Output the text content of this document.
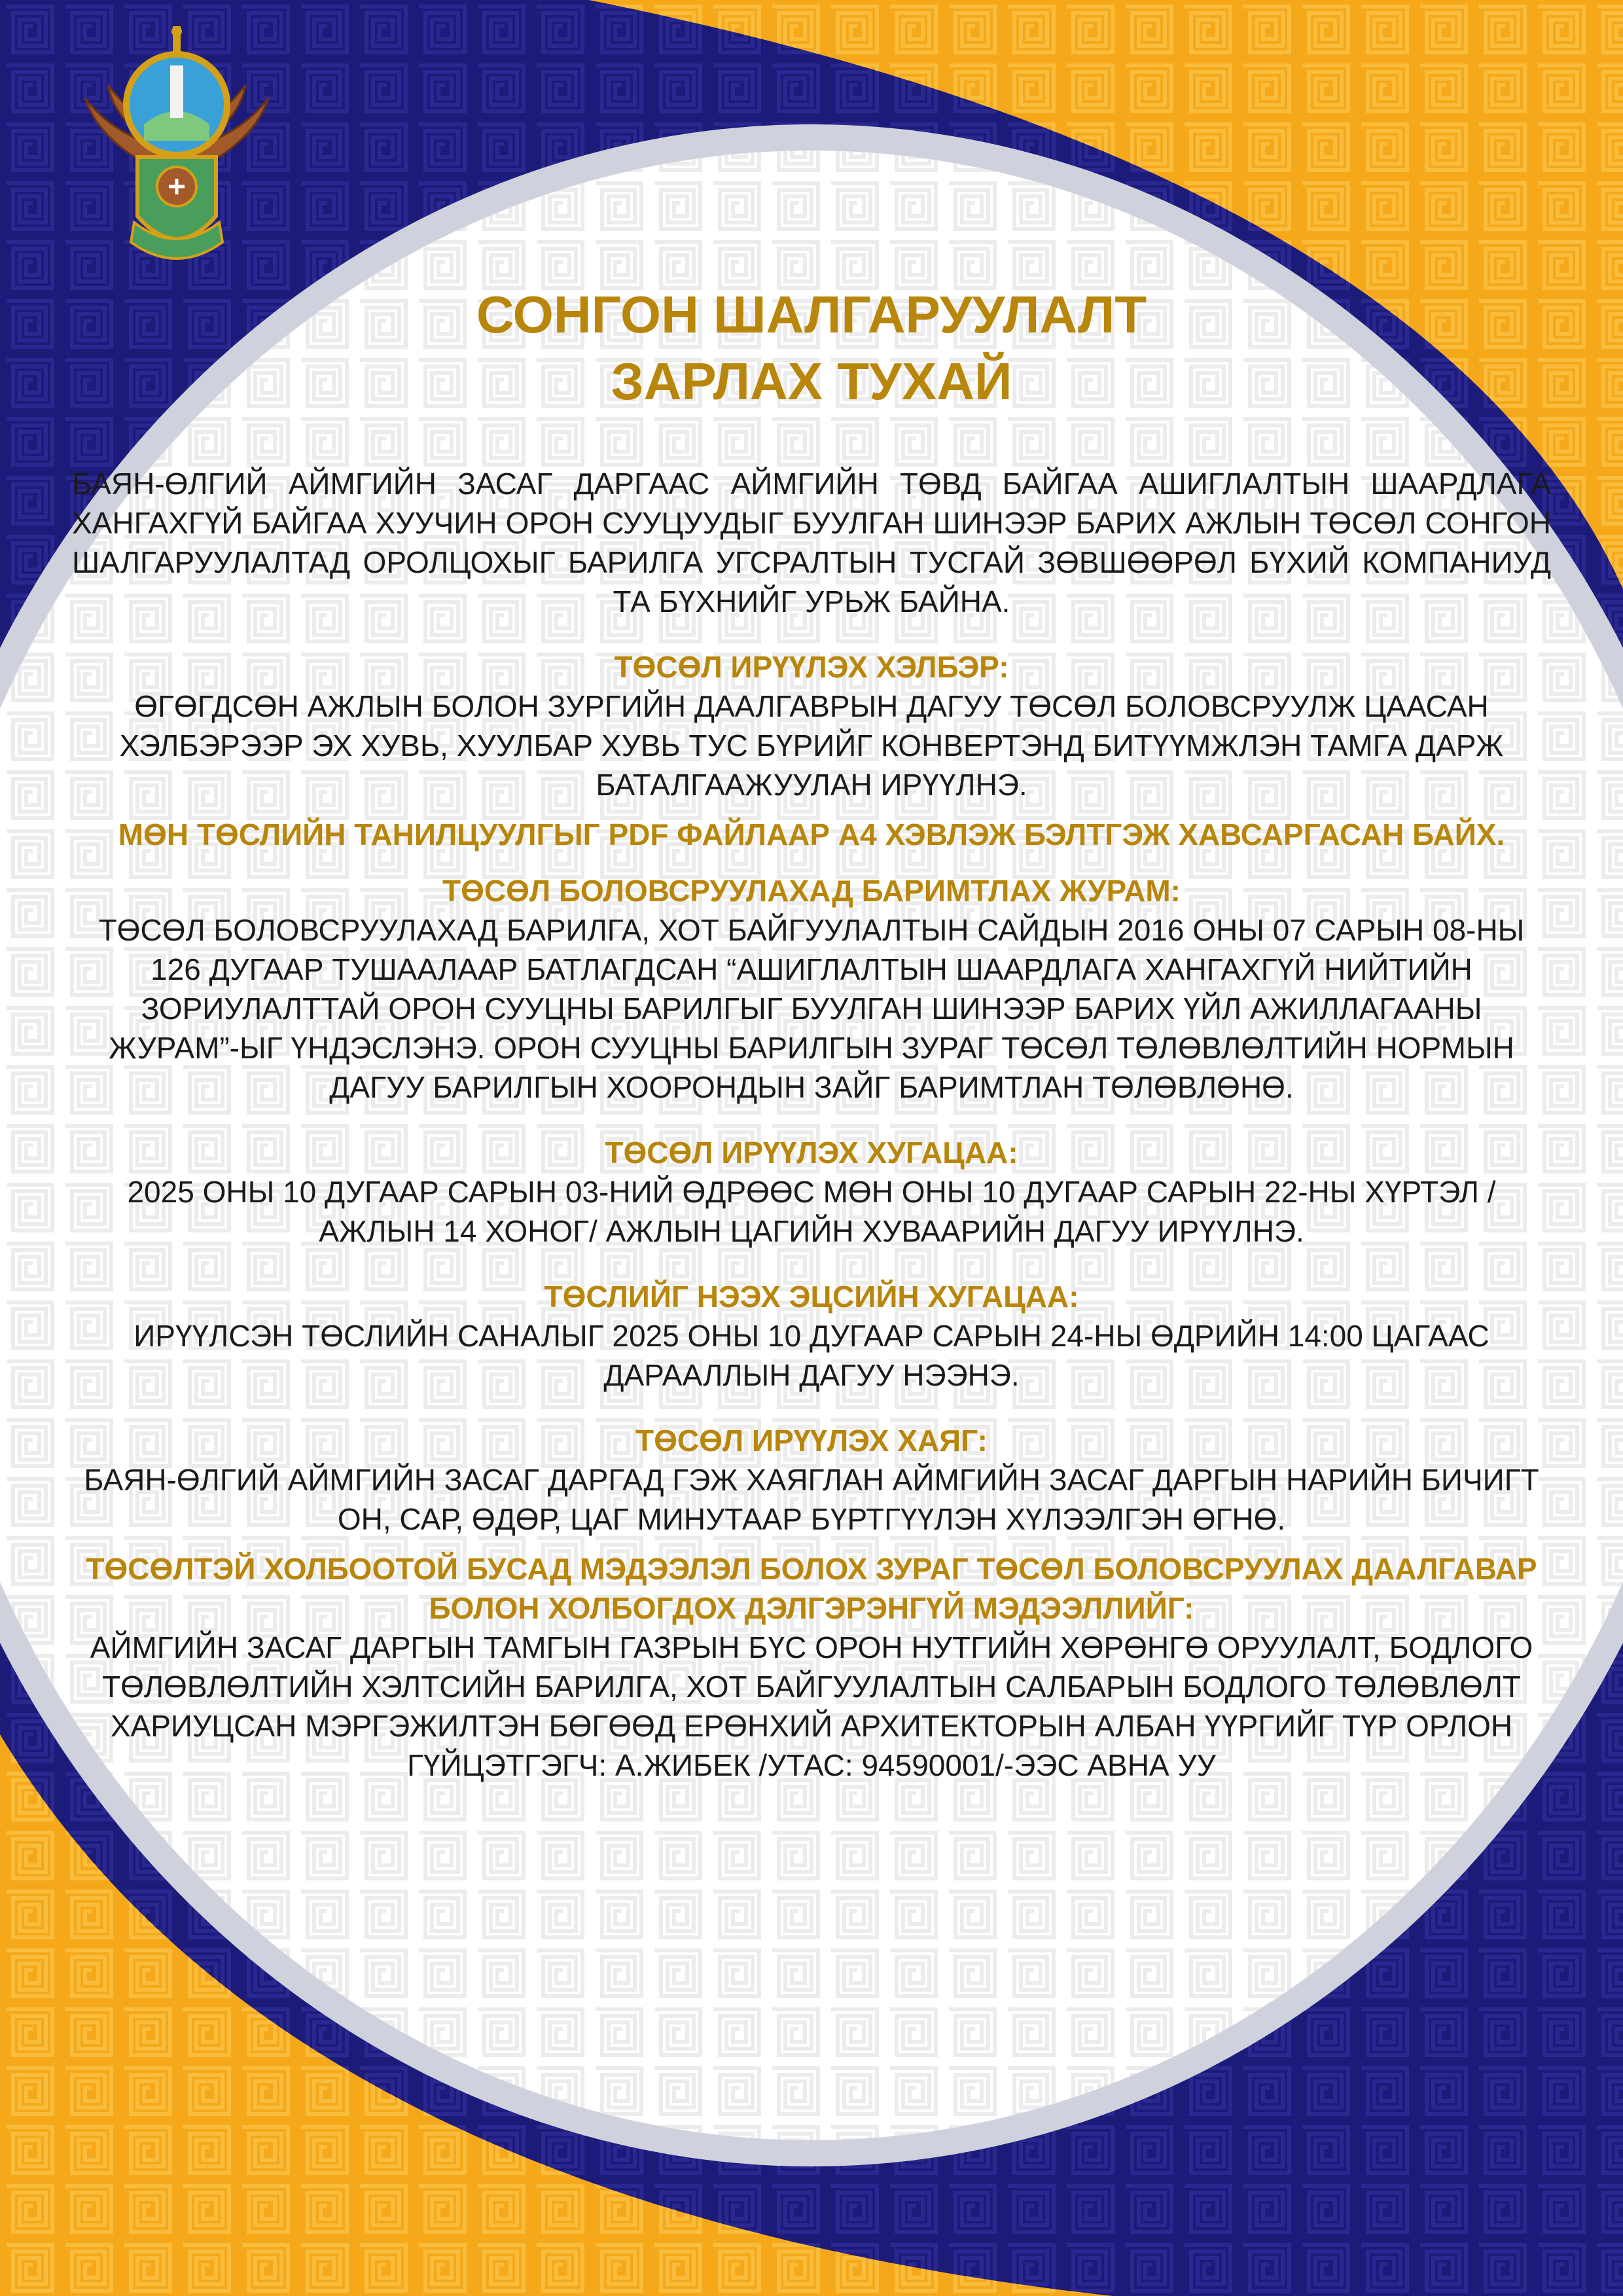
СОНГОН ШАЛГАРУУЛАЛТ
ЗАРЛАХ ТУХАЙ

БАЯН-ӨЛГИЙ АЙМГИЙН ЗАСАГ ДАРГААС АЙМГИЙН ТӨВД БАЙГАА АШИГЛАЛТЫН ШААРДЛАГА ХАНГАХГҮЙ БАЙГАА ХУУЧИН ОРОН СУУЦУУДЫГ БУУЛГАН ШИНЭЭР БАРИХ АЖЛЫН ТӨСӨЛ СОНГОН ШАЛГАРУУЛАЛТАД ОРОЛЦОХЫГ БАРИЛГА УГСРАЛТЫН ТУСГАЙ ЗӨВШӨӨРӨЛ БҮХИЙ КОМПАНИУД ТА БҮХНИЙГ УРЬЖ БАЙНА.

ТӨСӨЛ ИРҮҮЛЭХ ХЭЛБЭР:

ӨГӨГДСӨН АЖЛЫН БОЛОН ЗУРГИЙН ДААЛГАВРЫН ДАГУУ ТӨСӨЛ БОЛОВСРУУЛЖ ЦААСАН ХЭЛБЭРЭЭР ЭХ ХУВЬ, ХУУЛБАР ХУВЬ ТУС БҮРИЙГ КОНВЕРТЭНД БИТҮҮМЖЛЭН ТАМГА ДАРЖ БАТАЛГААЖУУЛАН ИРҮҮЛНЭ.

МӨН ТӨСЛИЙН ТАНИЛЦУУЛГЫГ PDF ФАЙЛААР А4 ХЭВЛЭЖ БЭЛТГЭЖ ХАВСАРГАСАН БАЙХ.

ТӨСӨЛ БОЛОВСРУУЛАХАД БАРИМТЛАХ ЖУРАМ:

ТӨСӨЛ БОЛОВСРУУЛАХАД БАРИЛГА, ХОТ БАЙГУУЛАЛТЫН САЙДЫН 2016 ОНЫ 07 САРЫН 08-НЫ 126 ДУГААР ТУШААЛААР БАТЛАГДСАН “АШИГЛАЛТЫН ШААРДЛАГА ХАНГАХГҮЙ НИЙТИЙН ЗОРИУЛАЛТТАЙ ОРОН СУУЦНЫ БАРИЛГЫГ БУУЛГАН ШИНЭЭР БАРИХ ҮЙЛ АЖИЛЛАГААНЫ ЖУРАМ”-ЫГ ҮНДЭСЛЭНЭ. ОРОН СУУЦНЫ БАРИЛГЫН ЗУРАГ ТӨСӨЛ ТӨЛӨВЛӨЛТИЙН НОРМЫН ДАГУУ БАРИЛГЫН ХООРОНДЫН ЗАЙГ БАРИМТЛАН ТӨЛӨВЛӨНӨ.

ТӨСӨЛ ИРҮҮЛЭХ ХУГАЦАА:

2025 ОНЫ 10 ДУГААР САРЫН 03-НИЙ ӨДРӨӨС МӨН ОНЫ 10 ДУГААР САРЫН 22-НЫ ХҮРТЭЛ /АЖЛЫН 14 ХОНОГ/ АЖЛЫН ЦАГИЙН ХУВААРИЙН ДАГУУ ИРҮҮЛНЭ.

ТӨСЛИЙГ НЭЭХ ЭЦСИЙН ХУГАЦАА:

ИРҮҮЛСЭН ТӨСЛИЙН САНАЛЫГ 2025 ОНЫ 10 ДУГААР САРЫН 24-НЫ ӨДРИЙН 14:00 ЦАГААС ДАРААЛЛЫН ДАГУУ НЭЭНЭ.

ТӨСӨЛ ИРҮҮЛЭХ ХАЯГ:

БАЯН-ӨЛГИЙ АЙМГИЙН ЗАСАГ ДАРГАД ГЭЖ ХАЯГЛАН АЙМГИЙН ЗАСАГ ДАРГЫН НАРИЙН БИЧИГТ ОН, САР, ӨДӨР, ЦАГ МИНУТААР БҮРТГҮҮЛЭН ХҮЛЭЭЛГЭН ӨГНӨ.

ТӨСӨЛТЭЙ ХОЛБООТОЙ БУСАД МЭДЭЭЛЭЛ БОЛОХ ЗУРАГ ТӨСӨЛ БОЛОВСРУУЛАХ ДААЛГАВАР БОЛОН ХОЛБОГДОХ ДЭЛГЭРЭНГҮЙ МЭДЭЭЛЛИЙГ:

АЙМГИЙН ЗАСАГ ДАРГЫН ТАМГЫН ГАЗРЫН БҮС ОРОН НУТГИЙН ХӨРӨНГӨ ОРУУЛАЛТ, БОДЛОГО ТӨЛӨВЛӨЛТИЙН ХЭЛТСИЙН БАРИЛГА, ХОТ БАЙГУУЛАЛТЫН САЛБАРЫН БОДЛОГО ТӨЛӨВЛӨЛТ ХАРИУЦСАН МЭРГЭЖИЛТЭН БӨГӨӨД ЕРӨНХИЙ АРХИТЕКТОРЫН АЛБАН ҮҮРГИЙГ ТҮР ОРЛОН ГҮЙЦЭТГЭГЧ: А.ЖИБЕК /УТАС: 94590001/-ЭЭС АВНА УУ
